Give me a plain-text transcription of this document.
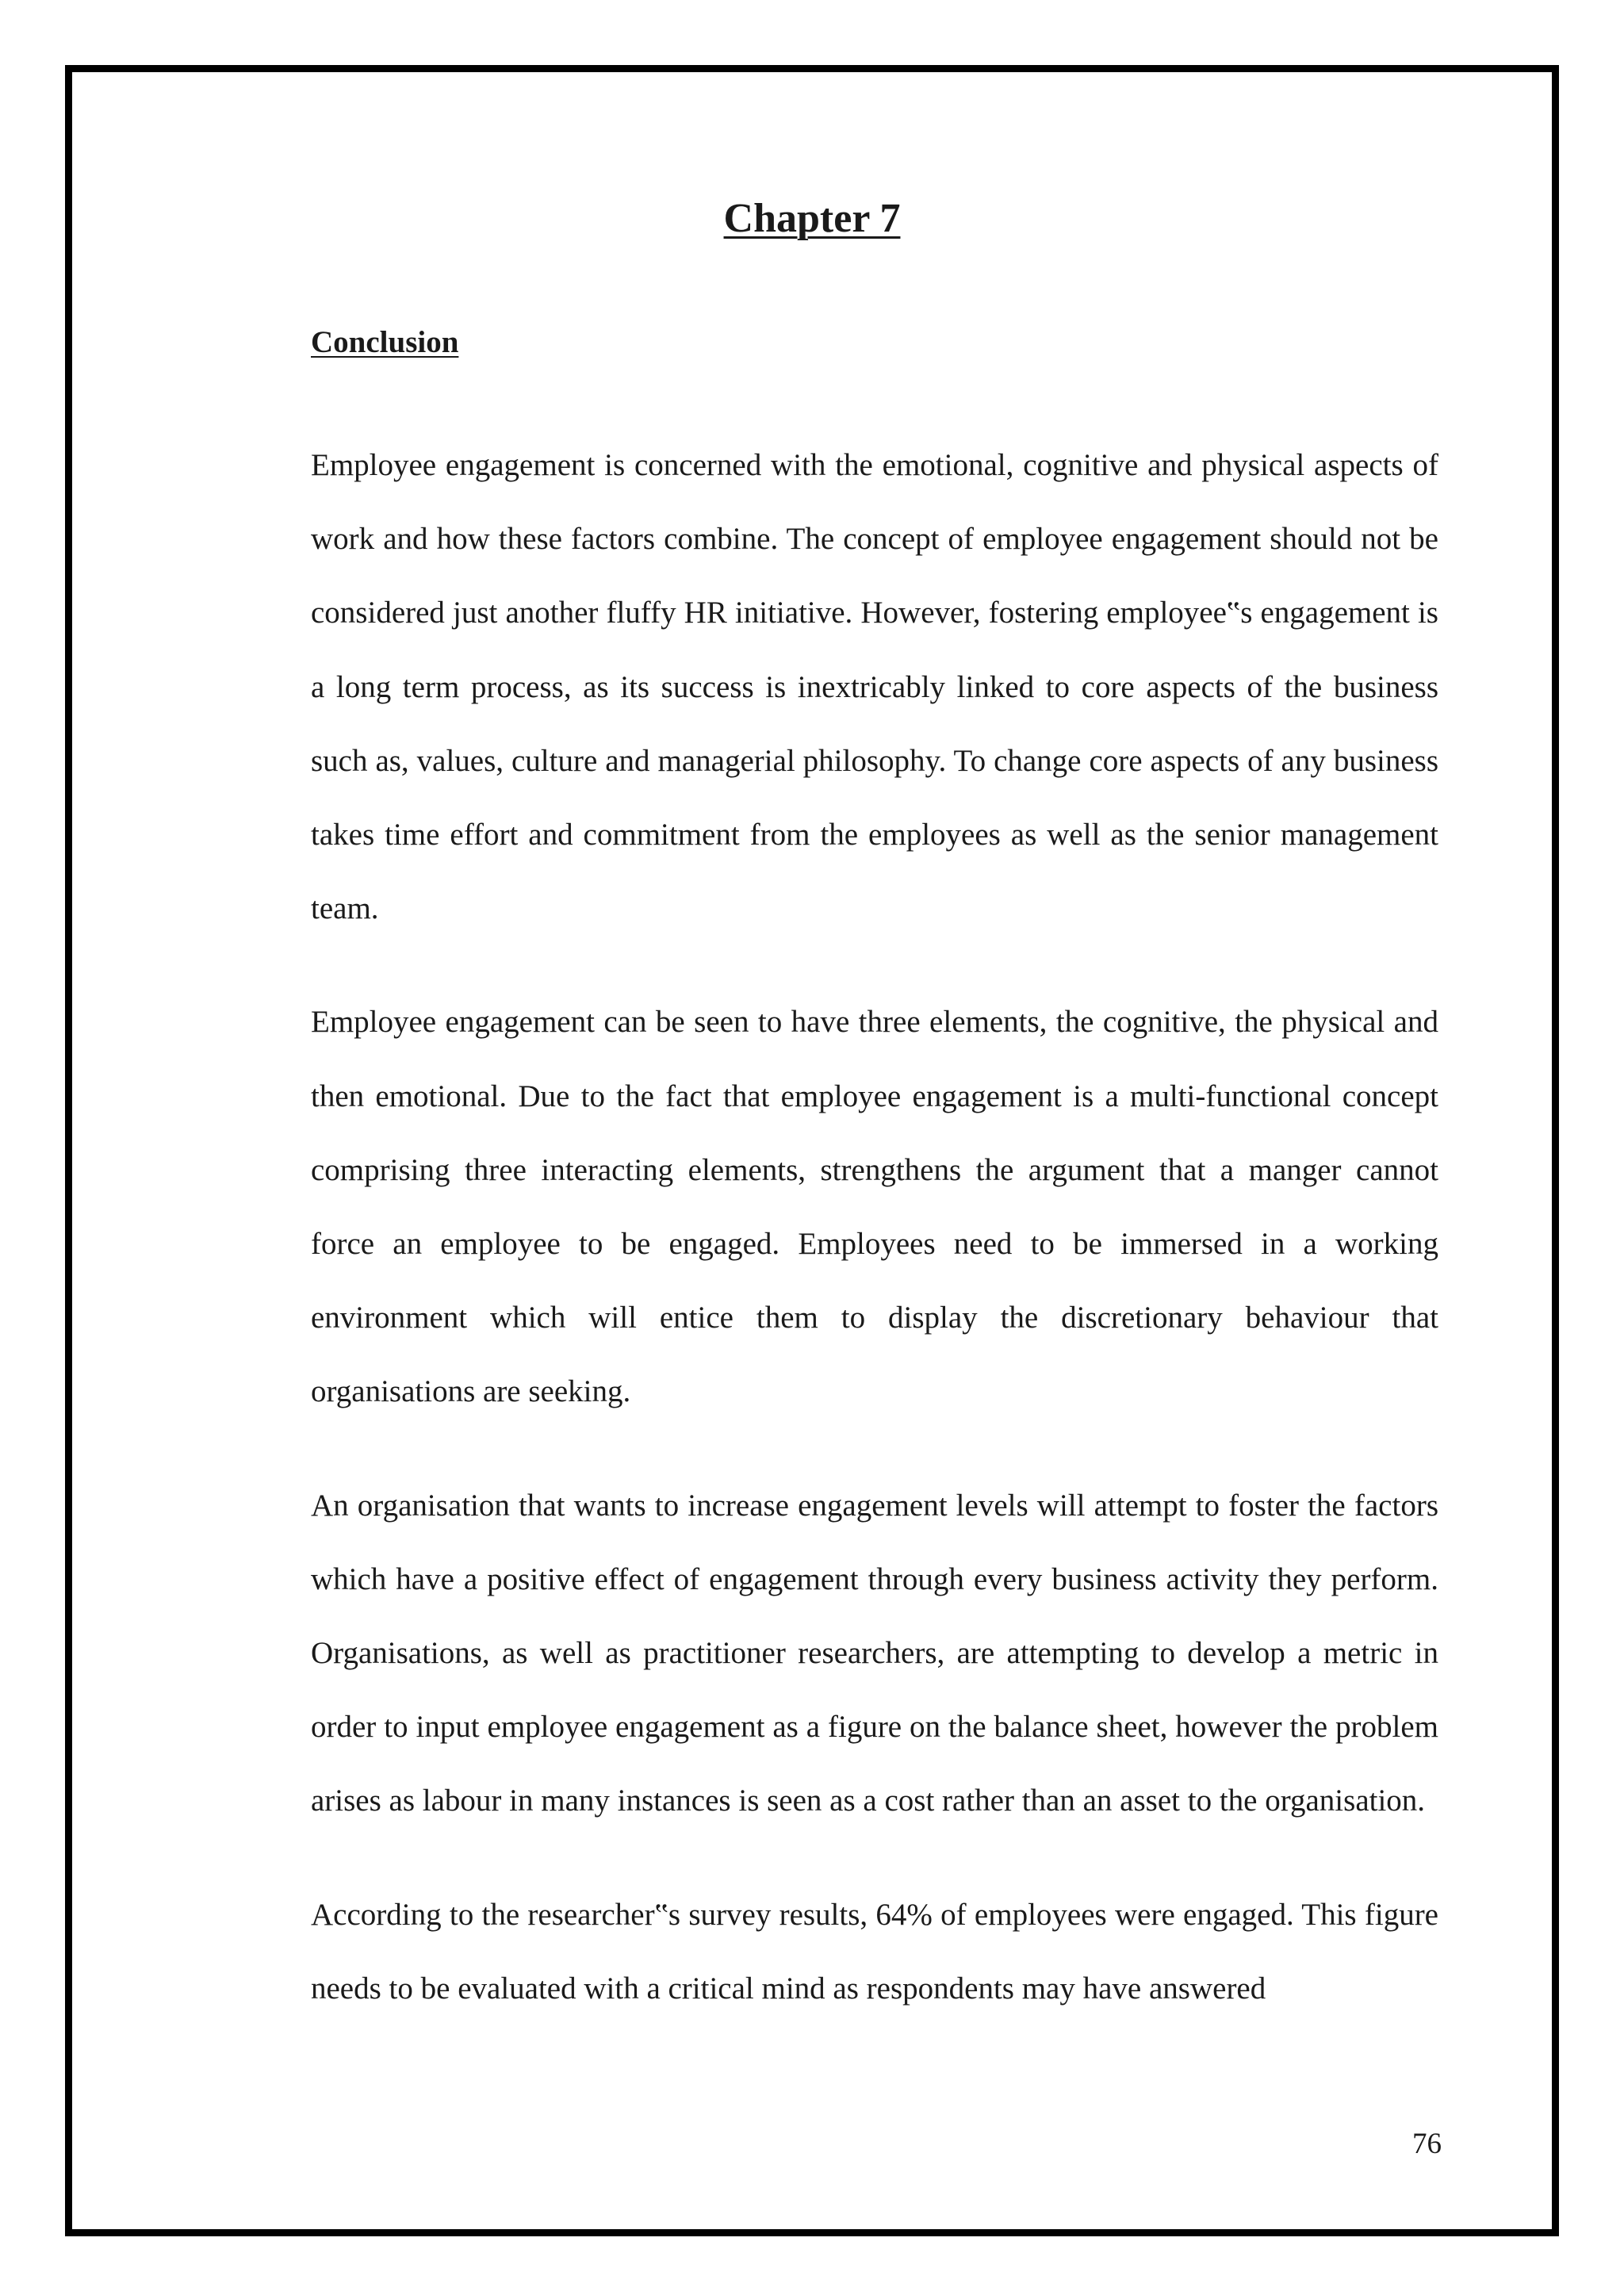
Chapter 7
Conclusion

Employee engagement is concerned with the emotional, cognitive and physical aspects of work and how these factors combine. The concept of employee engagement should not be considered just another fluffy HR initiative. However, fostering employee‟s engagement is a long term process, as its success is inextricably linked to core aspects of the business such as, values, culture and managerial philosophy. To change core aspects of any business takes time effort and commitment from the employees as well as the senior management team.

Employee engagement can be seen to have three elements, the cognitive, the physical and then emotional. Due to the fact that employee engagement is a multi-functional concept comprising three interacting elements, strengthens the argument that a manger cannot force an employee to be engaged. Employees need to be immersed in a working environment which will entice them to display the discretionary behaviour that organisations are seeking.

An organisation that wants to increase engagement levels will attempt to foster the factors which have a positive effect of engagement through every business activity they perform. Organisations, as well as practitioner researchers, are attempting to develop a metric in order to input employee engagement as a figure on the balance sheet, however the problem arises as labour in many instances is seen as a cost rather than an asset to the organisation.

According to the researcher‟s survey results, 64% of employees were engaged. This figure needs to be evaluated with a critical mind as respondents may have answered

76
